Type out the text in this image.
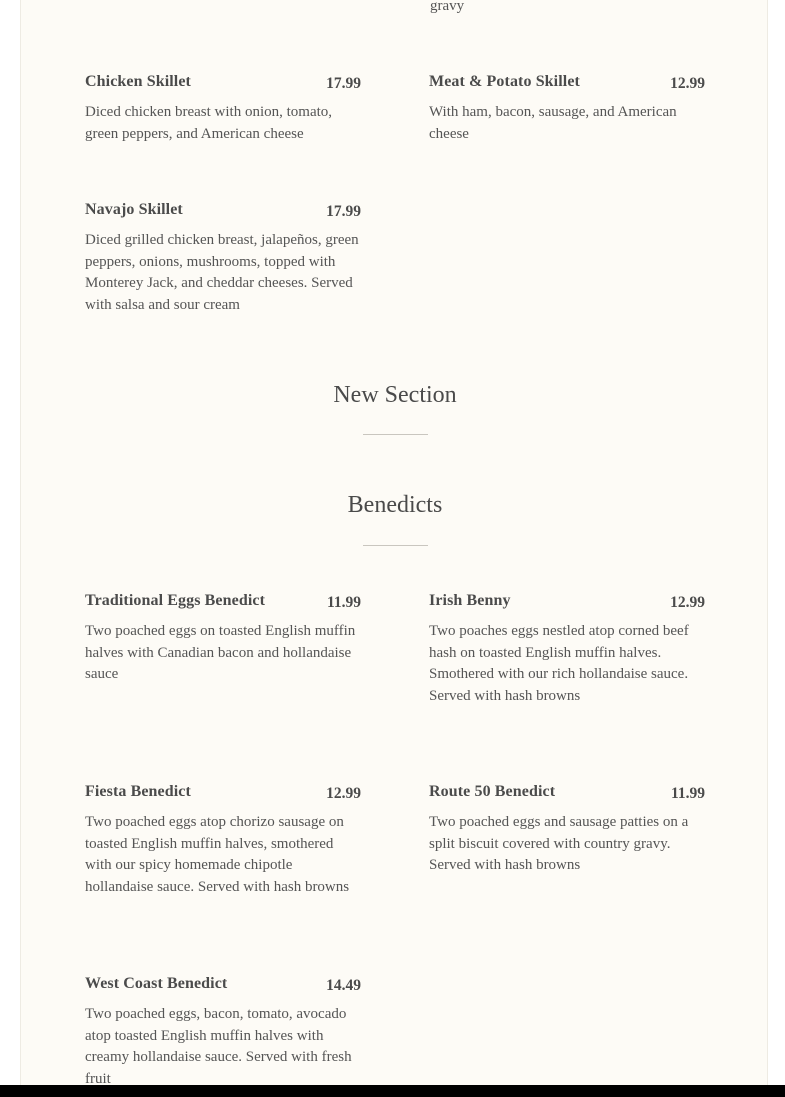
gravy
Chicken Skillet	17.99
Diced chicken breast with onion, tomato, green peppers, and American cheese
Meat & Potato Skillet	12.99
With ham, bacon, sausage, and American cheese
Navajo Skillet	17.99
Diced grilled chicken breast, jalapeños, green peppers, onions, mushrooms, topped with Monterey Jack, and cheddar cheeses. Served with salsa and sour cream
New Section
Benedicts
Traditional Eggs Benedict	11.99
Two poached eggs on toasted English muffin halves with Canadian bacon and hollandaise sauce
Irish Benny	12.99
Two poaches eggs nestled atop corned beef hash on toasted English muffin halves. Smothered with our rich hollandaise sauce. Served with hash browns
Fiesta Benedict	12.99
Two poached eggs atop chorizo sausage on toasted English muffin halves, smothered with our spicy homemade chipotle hollandaise sauce. Served with hash browns
Route 50 Benedict	11.99
Two poached eggs and sausage patties on a split biscuit covered with country gravy. Served with hash browns
West Coast Benedict	14.49
Two poached eggs, bacon, tomato, avocado atop toasted English muffin halves with creamy hollandaise sauce. Served with fresh fruit
